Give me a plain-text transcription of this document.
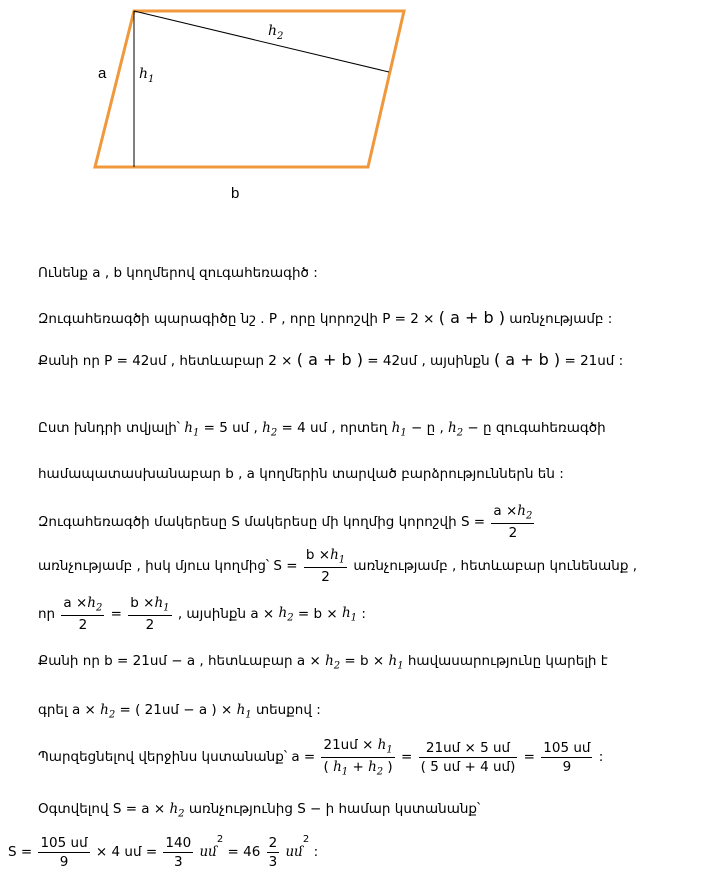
a
b
$h_1$
$h_2$
Ունենք a , b կողմերով զուգահեռագիծ :
Զուգահեռագծի պարագիծը նշ . P , որը կորոշվի P = 2 × ( a + b ) առնչությամբ :
Քանի որ P = 42սմ , հետևաբար 2 × ( a + b ) = 42սմ , այսինքն ( a + b ) = 21սմ :
Ըստ խնդրի տվյալի՝ $h_1 = 5$ սմ , $h_2 = 4$ սմ , որտեղ $h_1$ − ը , $h_2$ − ը զուգահեռագծի
համապատասխանաբար b , a կողմերին տարված բարձրություններն են :
Զուգահեռագծի մակերեսը S մակերեսը մի կողմից կորոշվի $S = \frac{a \times h_2}{2}$
առնչությամբ , իսկ մյուս կողմից՝ $S = \frac{b \times h_1}{2}$ առնչությամբ , հետևաբար կունենանք ,
որ $\frac{a \times h_2}{2} = \frac{b \times h_1}{2}$ , այսինքն $a \times h_2 = b \times h_1$ :
Քանի որ b = 21սմ − a , հետևաբար $a \times h_2 = b \times h_1$ հավասարությունը կարելի է
գրել $a \times h_2$ = ( 21սմ − a ) × $h_1$ տեսքով :
Պարզեցնելով վերջինս կստանանք՝ $a = \frac{21սմ \times h_1}{( h_1 + h_2 )} = \frac{\text{21սմ × 5 սմ}}{\text{( 5 սմ + 4 սմ)}} = \frac{\text{105 սմ}}{9}$ :
Օգտվելով $S = a \times h_2$ առնչությունից S − ի համար կստանանք՝
$S = \frac{\text{105 սմ}}{9} \times 4$ սմ = $\frac{140}{3}$ սմ$^2$ = $46 \frac{2}{3}$ սմ$^2$ :
